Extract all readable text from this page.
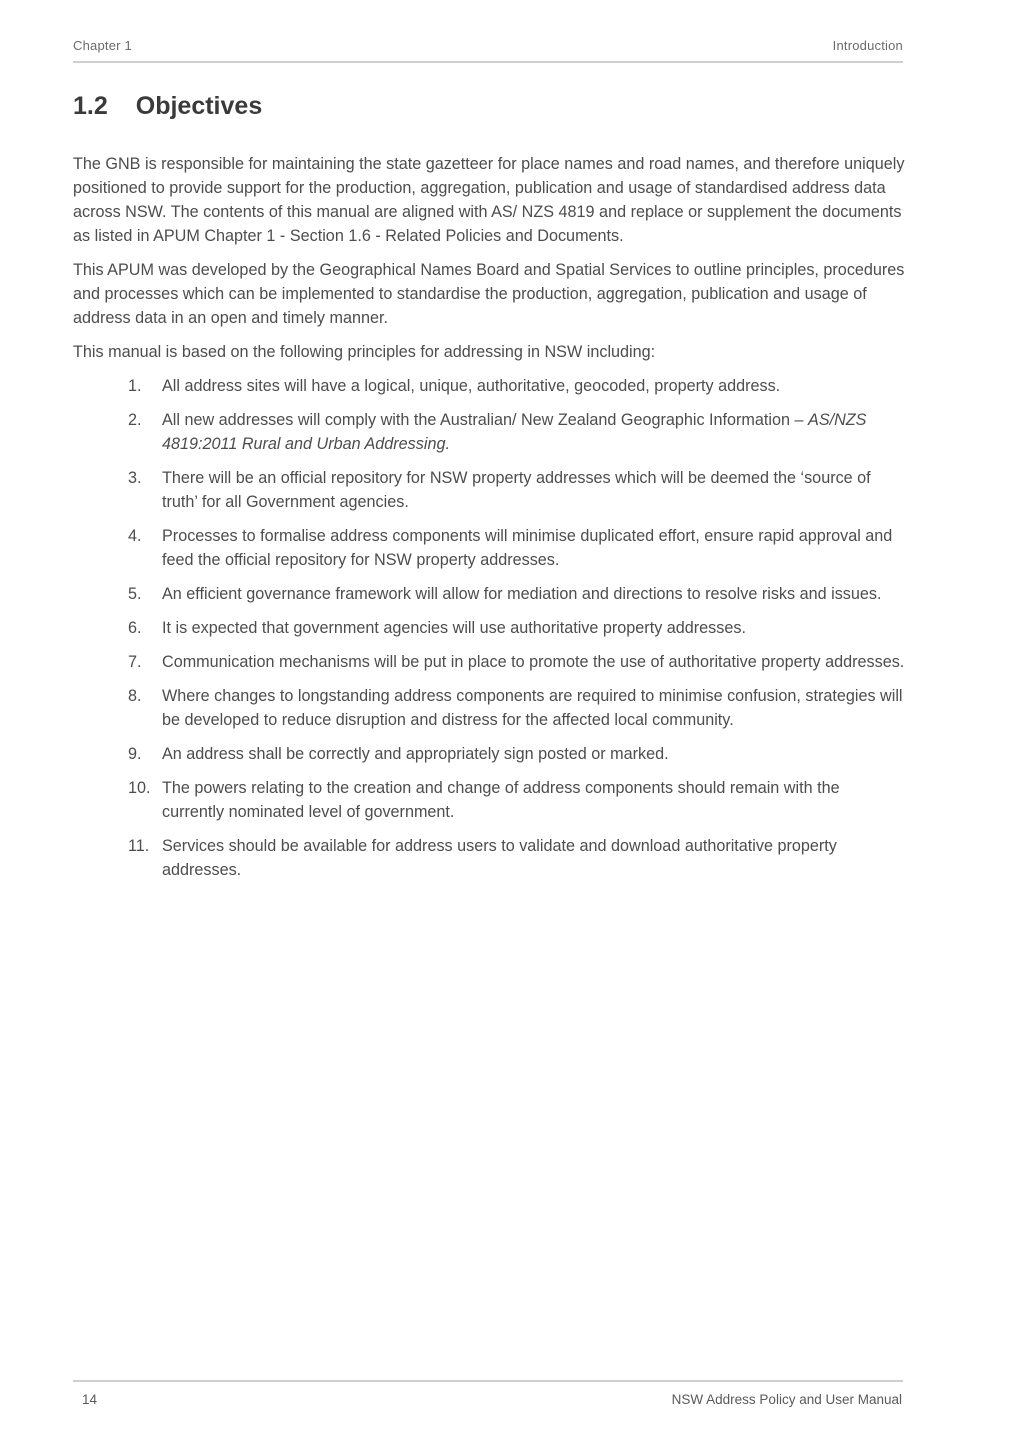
Chapter 1	Introduction
1.2 Objectives

The GNB is responsible for maintaining the state gazetteer for place names and road names, and therefore uniquely positioned to provide support for the production, aggregation, publication and usage of standardised address data across NSW. The contents of this manual are aligned with AS/ NZS 4819 and replace or supplement the documents as listed in APUM Chapter 1 - Section 1.6 - Related Policies and Documents.

This APUM was developed by the Geographical Names Board and Spatial Services to outline principles, procedures and processes which can be implemented to standardise the production, aggregation, publication and usage of address data in an open and timely manner.

This manual is based on the following principles for addressing in NSW including:

1. All address sites will have a logical, unique, authoritative, geocoded, property address.
2. All new addresses will comply with the Australian/ New Zealand Geographic Information – AS/NZS 4819:2011 Rural and Urban Addressing.
3. There will be an official repository for NSW property addresses which will be deemed the ‘source of truth’ for all Government agencies.
4. Processes to formalise address components will minimise duplicated effort, ensure rapid approval and feed the official repository for NSW property addresses.
5. An efficient governance framework will allow for mediation and directions to resolve risks and issues.
6. It is expected that government agencies will use authoritative property addresses.
7. Communication mechanisms will be put in place to promote the use of authoritative property addresses.
8. Where changes to longstanding address components are required to minimise confusion, strategies will be developed to reduce disruption and distress for the affected local community.
9. An address shall be correctly and appropriately sign posted or marked.
10. The powers relating to the creation and change of address components should remain with the currently nominated level of government.
11. Services should be available for address users to validate and download authoritative property addresses.
14	NSW Address Policy and User Manual
